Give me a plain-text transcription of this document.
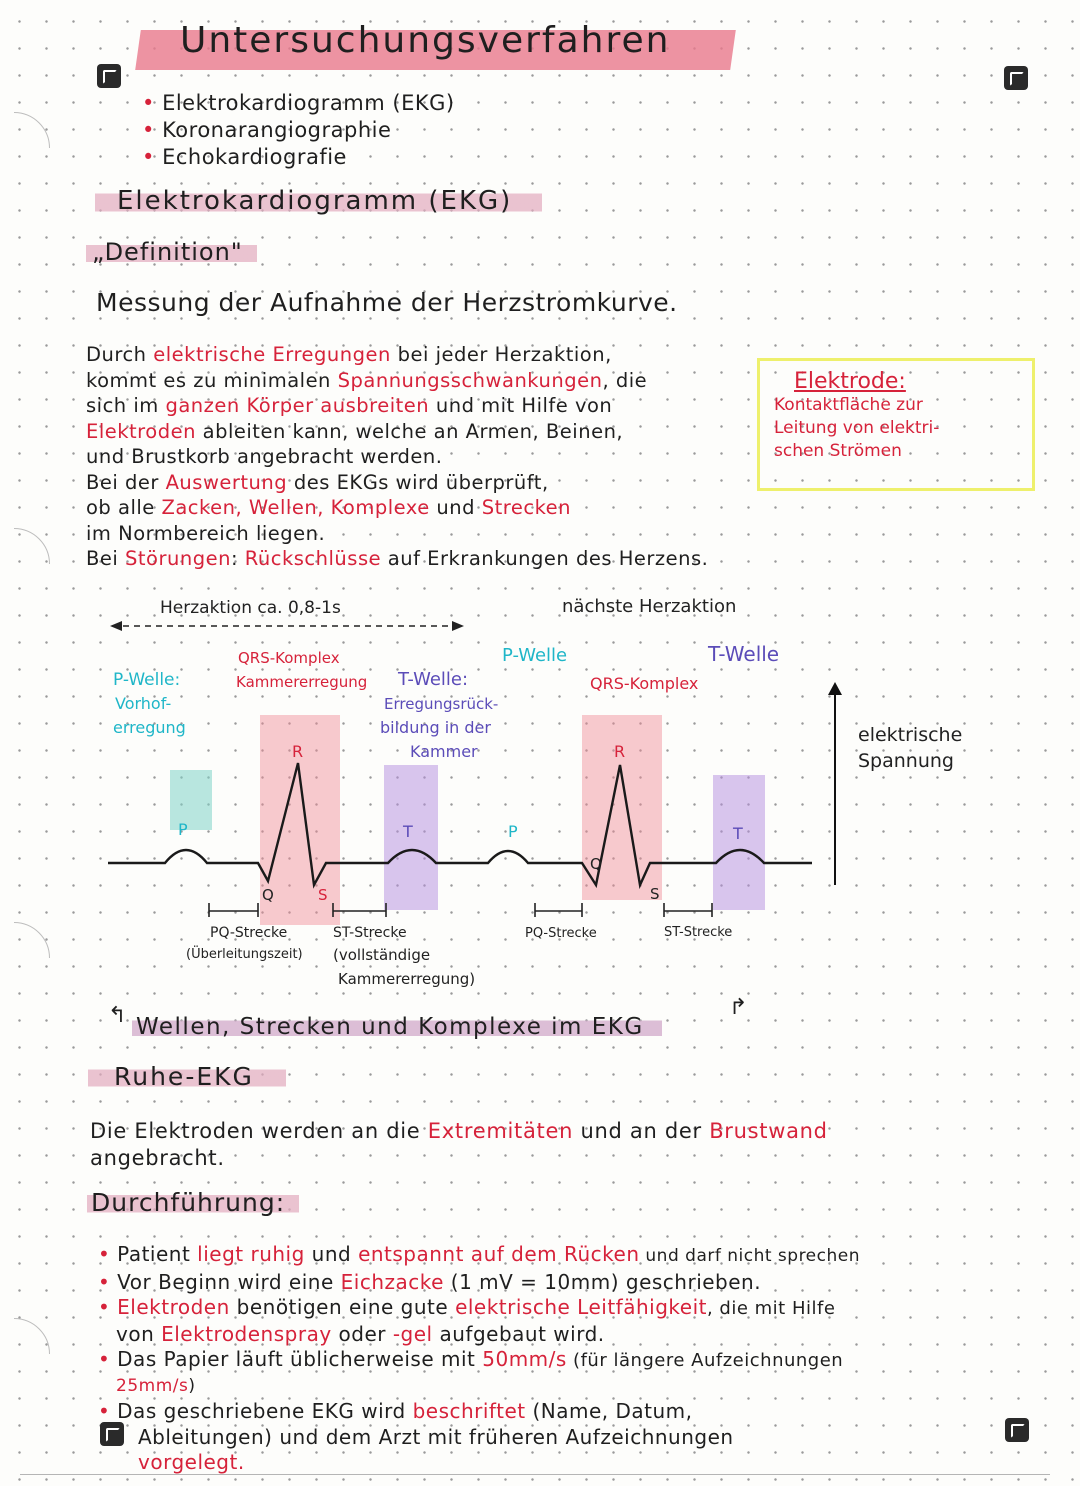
Untersuchungsverfahren
• Elektrokardiogramm (EKG)
• Koronarangiographie
• Echokardiografie
Elektrokardiogramm (EKG)
„Definition"
Messung der Aufnahme der Herzstromkurve.
Durch elektrische Erregungen bei jeder Herzaktion,
kommt es zu minimalen Spannungsschwankungen, die
sich im ganzen Körper ausbreiten und mit Hilfe von
Elektroden ableiten kann, welche an Armen, Beinen,
und Brustkorb angebracht werden.
Bei der Auswertung des EKGs wird überprüft,
ob alle Zacken, Wellen, Komplexe und Strecken
im Normbereich liegen.
Bei Störungen: Rückschlüsse auf Erkrankungen des Herzens.
Elektrode:
Kontaktfläche zur
Leitung von elektri-
schen Strömen
Herzaktion ca. 0,8-1s	nächste Herzaktion
QRS-Komplex
Kammererregung
P-Welle:
Vorhof-
erregung
T-Welle:
Erregungsrück-
bildung in der
Kammer
P-Welle
QRS-Komplex
T-Welle
elektrische
Spannung
P
R
Q	S
T	P
R
Q
S
T
PQ-Strecke
(Überleitungszeit)
ST-Strecke
(vollständige
Kammererregung)
PQ-Strecke	ST-Strecke
↰ Wellen, Strecken und Komplexe im EKG
↱
Ruhe-EKG
Die Elektroden werden an die Extremitäten und an der Brustwand
angebracht.
Durchführung:
• Patient liegt ruhig und entspannt auf dem Rücken und darf nicht sprechen
• Vor Beginn wird eine Eichzacke (1 mV = 10mm) geschrieben.
• Elektroden benötigen eine gute elektrische Leitfähigkeit, die mit Hilfe
von Elektrodenspray oder -gel aufgebaut wird.
• Das Papier läuft üblicherweise mit 50mm/s (für längere Aufzeichnungen
25mm/s)
• Das geschriebene EKG wird beschriftet (Name, Datum,
Ableitungen) und dem Arzt mit früheren Aufzeichnungen
vorgelegt.
